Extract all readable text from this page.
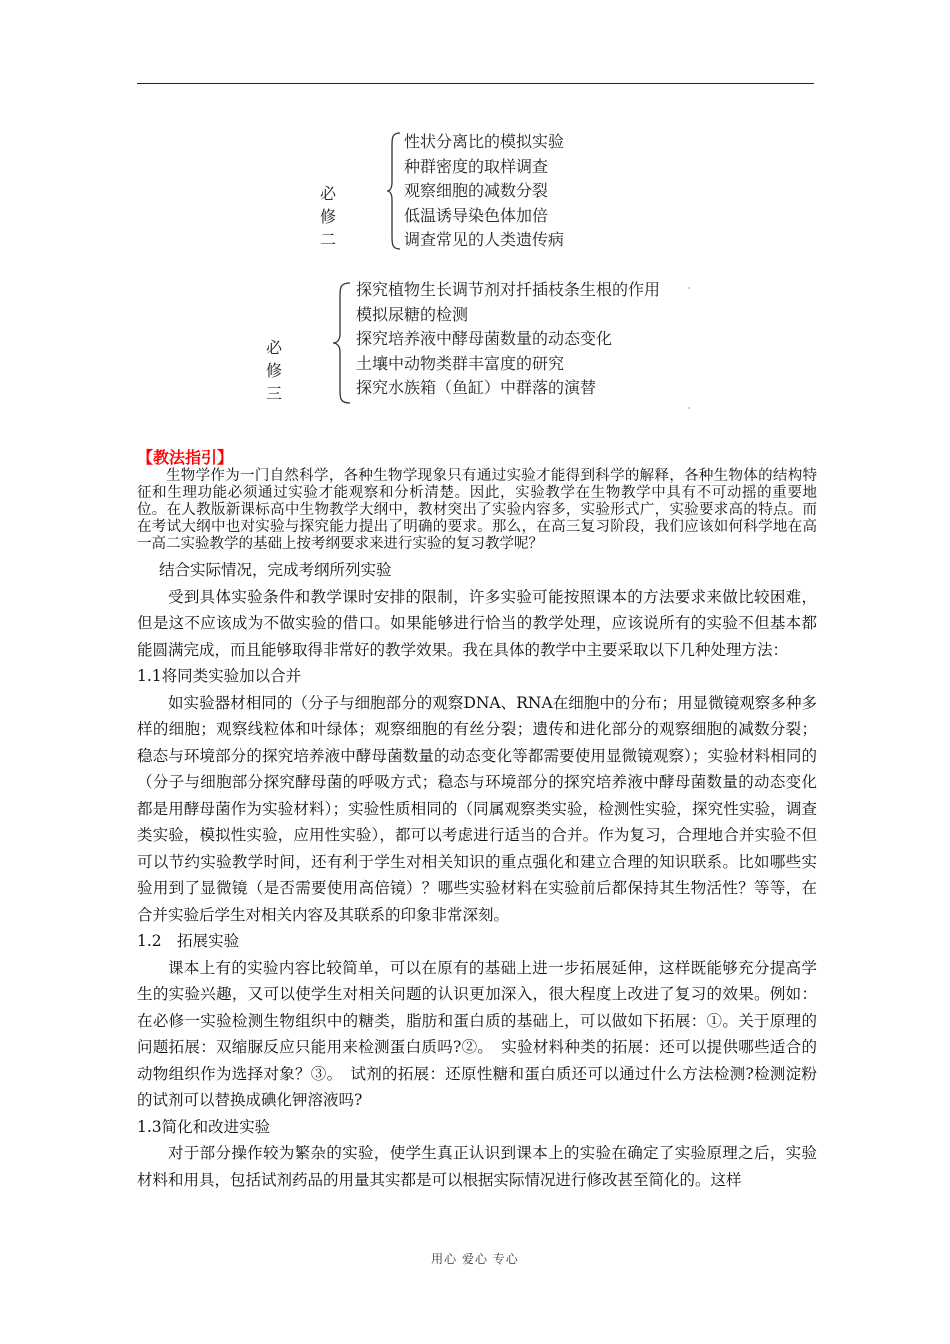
必修二
性状分离比的模拟实验
种群密度的取样调查
观察细胞的减数分裂
低温诱导染色体加倍
调查常见的人类遗传病
必修三
探究植物生长调节剂对扦插枝条生根的作用
模拟尿糖的检测
探究培养液中酵母菌数量的动态变化
土壤中动物类群丰富度的研究
探究水族箱（鱼缸）中群落的演替

【教法指引】

生物学作为一门自然科学，各种生物学现象只有通过实验才能得到科学的解释，各种生物体的结构特征和生理功能必须通过实验才能观察和分析清楚。因此，实验教学在生物教学中具有不可动摇的重要地位。在人教版新课标高中生物教学大纲中，教材突出了实验内容多，实验形式广，实验要求高的特点。而在考试大纲中也对实验与探究能力提出了明确的要求。那么，在高三复习阶段，我们应该如何科学地在高一高二实验教学的基础上按考纲要求来进行实验的复习教学呢？

结合实际情况，完成考纲所列实验

受到具体实验条件和教学课时安排的限制，许多实验可能按照课本的方法要求来做比较困难，但是这不应该成为不做实验的借口。如果能够进行恰当的教学处理，应该说所有的实验不但基本都能圆满完成，而且能够取得非常好的教学效果。我在具体的教学中主要采取以下几种处理方法：

1.1将同类实验加以合并

如实验器材相同的（分子与细胞部分的观察DNA、RNA在细胞中的分布；用显微镜观察多种多样的细胞；观察线粒体和叶绿体；观察细胞的有丝分裂；遗传和进化部分的观察细胞的减数分裂；稳态与环境部分的探究培养液中酵母菌数量的动态变化等都需要使用显微镜观察）；实验材料相同的（分子与细胞部分探究酵母菌的呼吸方式；稳态与环境部分的探究培养液中酵母菌数量的动态变化都是用酵母菌作为实验材料）；实验性质相同的（同属观察类实验，检测性实验，探究性实验，调查类实验，模拟性实验，应用性实验），都可以考虑进行适当的合并。作为复习，合理地合并实验不但可以节约实验教学时间，还有利于学生对相关知识的重点强化和建立合理的知识联系。比如哪些实验用到了显微镜（是否需要使用高倍镜）？哪些实验材料在实验前后都保持其生物活性？等等，在合并实验后学生对相关内容及其联系的印象非常深刻。

1.2　拓展实验

课本上有的实验内容比较简单，可以在原有的基础上进一步拓展延伸，这样既能够充分提高学生的实验兴趣，又可以使学生对相关问题的认识更加深入，很大程度上改进了复习的效果。例如：在必修一实验检测生物组织中的糖类，脂肪和蛋白质的基础上，可以做如下拓展：①。关于原理的问题拓展：双缩脲反应只能用来检测蛋白质吗?②。　实验材料种类的拓展：还可以提供哪些适合的动物组织作为选择对象？③。　试剂的拓展：还原性糖和蛋白质还可以通过什么方法检测?检测淀粉的试剂可以替换成碘化钾溶液吗?

1.3简化和改进实验

对于部分操作较为繁杂的实验，使学生真正认识到课本上的实验在确定了实验原理之后，实验材料和用具，包括试剂药品的用量其实都是可以根据实际情况进行修改甚至简化的。这样

用心 爱心 专心
